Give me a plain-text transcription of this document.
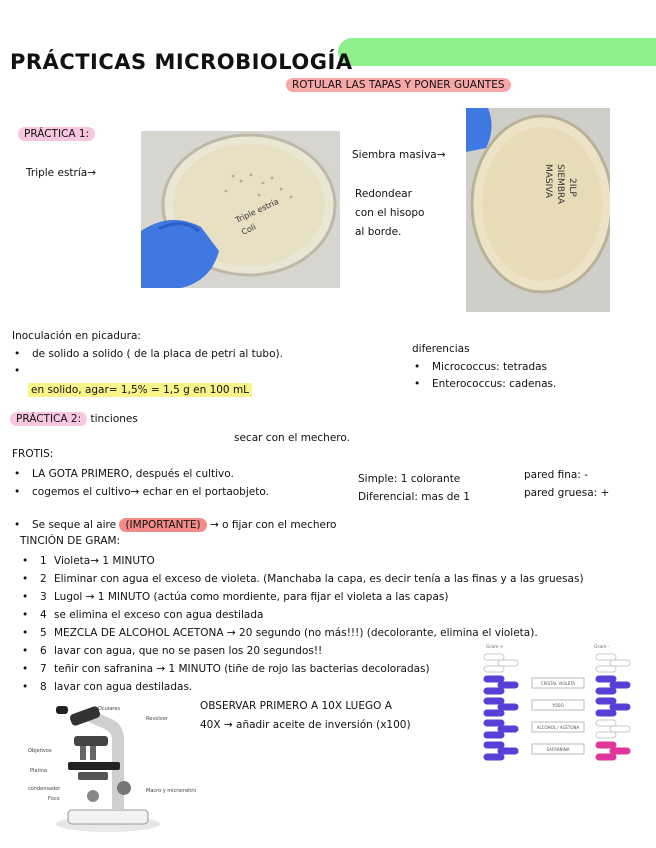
PRÁCTICAS MICROBIOLOGÍA
ROTULAR LAS TAPAS Y PONER GUANTES
PRÁCTICA 1:
Triple estría→
Triple estría
Coli
Siembra masiva→
Redondear
con el hisopo
al borde.
SIEMBRA
MASIVA 2ILP
Inoculación en picadura:
• de solido a solido ( de la placa de petri al tubo).
•
en solido, agar= 1,5% = 1,5 g en 100 mL
diferencias
• Micrococcus: tetradas
• Enterococcus: cadenas.
PRÁCTICA 2: tinciones
secar con el mechero.
FROTIS:
• LA GOTA PRIMERO, después el cultivo.
• cogemos el cultivo→ echar en el portaobjeto.
Simple: 1 colorante
Diferencial: mas de 1
pared fina: -
pared gruesa: +
• Se seque al aire (IMPORTANTE) → o fijar con el mechero
TINCIÓN DE GRAM:
• 1 Violeta→ 1 MINUTO
• 2 Eliminar con agua el exceso de violeta. (Manchaba la capa, es decir tenía a las finas y a las gruesas)
• 3 Lugol → 1 MINUTO (actúa como mordiente, para fijar el violeta a las capas)
• 4 se elimina el exceso con agua destilada
• 5 MEZCLA DE ALCOHOL ACETONA → 20 segundo (no más!!!) (decolorante, elimina el violeta).
• 6 lavar con agua, que no se pasen los 20 segundos!!
• 7 teñir con safranina → 1 MINUTO (tiñe de rojo las bacterias decoloradas)
• 8 lavar con agua destiladas.
OBSERVAR PRIMERO A 10X LUEGO A
40X → añadir aceite de inversión (x100)
Oculares
Revolver
Objetivos
Platina
condensador
Foco
Macro y micrométrico
Gram +	Gram -
CRISTAL VIOLETA
YODO
ALCOHOL / ACETONA
SAFRANINA
